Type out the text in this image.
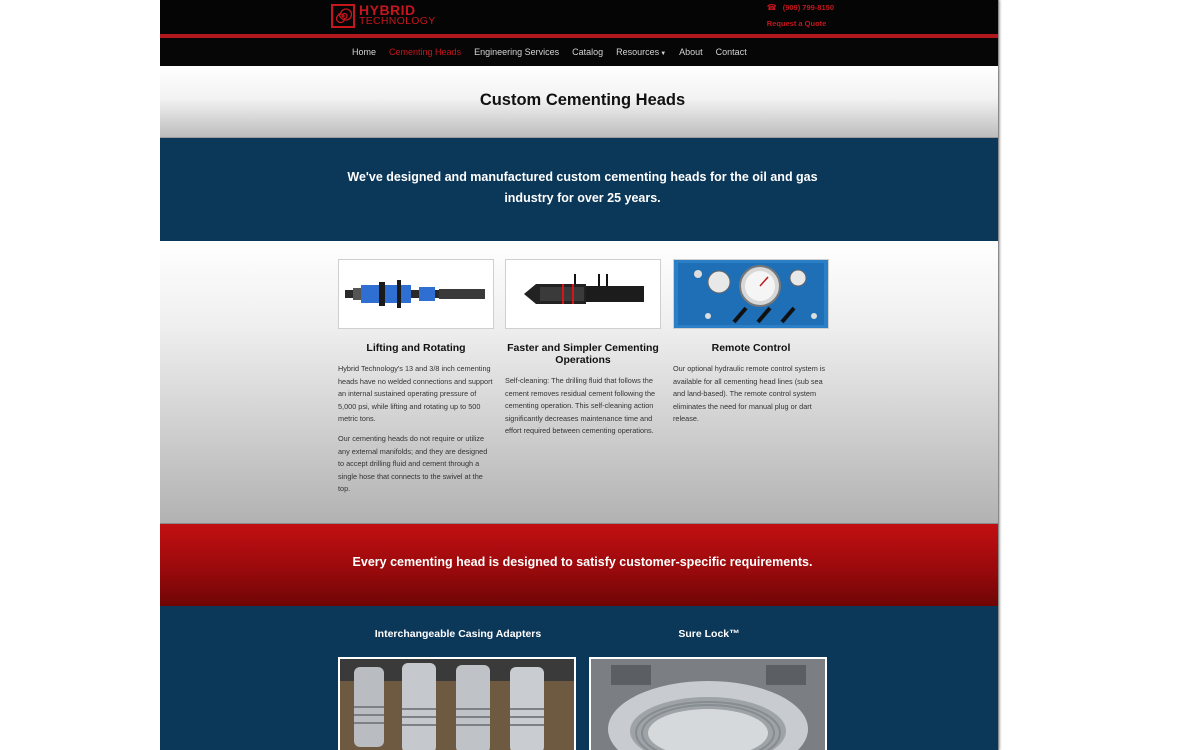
HYBRID
TECHNOLOGY
☎ (909) 799-8150
Request a Quote
Home Cementing Heads Engineering Services Catalog Resources▼ About Contact
Custom Cementing Heads

We've designed and manufactured custom cementing heads for the oil and gas industry for over 25 years.

Lifting and Rotating

Hybrid Technology's 13 and 3/8 inch cementing heads have no welded connections and support an internal sustained operating pressure of 5,000 psi, while lifting and rotating up to 500 metric tons.

Our cementing heads do not require or utilize any external manifolds; and they are designed to accept drilling fluid and cement through a single hose that connects to the swivel at the top.

Faster and Simpler Cementing Operations

Self-cleaning: The drilling fluid that follows the cement removes residual cement following the cementing operation. This self-cleaning action significantly decreases maintenance time and effort required between cementing operations.

Remote Control

Our optional hydraulic remote control system is available for all cementing head lines (sub sea and land-based). The remote control system eliminates the need for manual plug or dart release.

Every cementing head is designed to satisfy customer-specific requirements.

Interchangeable Casing Adapters	Sure Lock™
